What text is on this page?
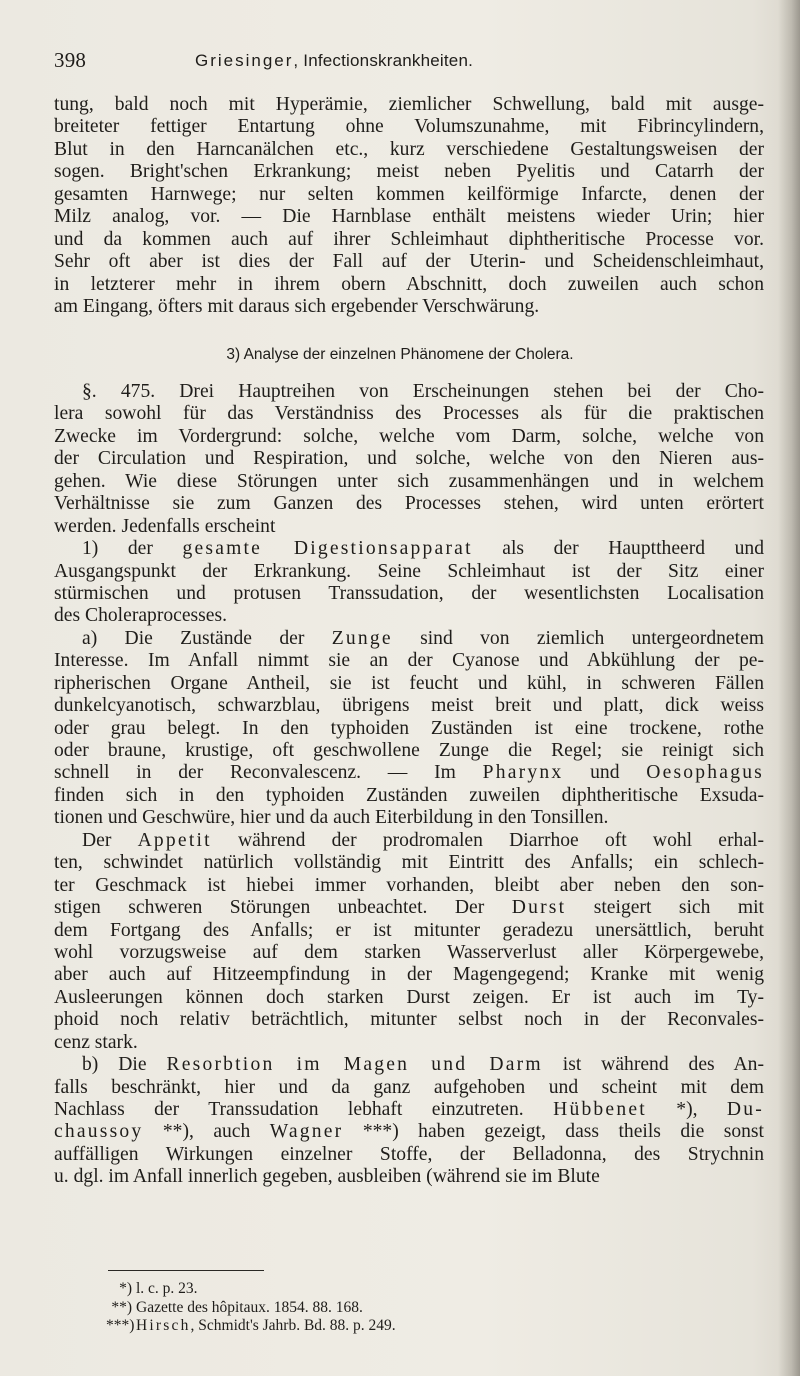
398	Griesinger, Infectionskrankheiten.
tung, bald noch mit Hyperämie, ziemlicher Schwellung, bald mit ausge-
breiteter fettiger Entartung ohne Volumszunahme, mit Fibrincylindern,
Blut in den Harncanälchen etc., kurz verschiedene Gestaltungsweisen der
sogen. Bright'schen Erkrankung; meist neben Pyelitis und Catarrh der
gesamten Harnwege; nur selten kommen keilförmige Infarcte, denen der
Milz analog, vor. — Die Harnblase enthält meistens wieder Urin; hier
und da kommen auch auf ihrer Schleimhaut diphtheritische Processe vor.
Sehr oft aber ist dies der Fall auf der Uterin- und Scheidenschleimhaut,
in letzterer mehr in ihrem obern Abschnitt, doch zuweilen auch schon
am Eingang, öfters mit daraus sich ergebender Verschwärung.
3) Analyse der einzelnen Phänomene der Cholera.
§. 475. Drei Hauptreihen von Erscheinungen stehen bei der Cho-
lera sowohl für das Verständniss des Processes als für die praktischen
Zwecke im Vordergrund: solche, welche vom Darm, solche, welche von
der Circulation und Respiration, und solche, welche von den Nieren aus-
gehen. Wie diese Störungen unter sich zusammenhängen und in welchem
Verhältnisse sie zum Ganzen des Processes stehen, wird unten erörtert
werden. Jedenfalls erscheint
1) der gesamte Digestionsapparat als der Haupttheerd und
Ausgangspunkt der Erkrankung. Seine Schleimhaut ist der Sitz einer
stürmischen und protusen Transsudation, der wesentlichsten Localisation
des Choleraprocesses.
a) Die Zustände der Zunge sind von ziemlich untergeordnetem
Interesse. Im Anfall nimmt sie an der Cyanose und Abkühlung der pe-
ripherischen Organe Antheil, sie ist feucht und kühl, in schweren Fällen
dunkelcyanotisch, schwarzblau, übrigens meist breit und platt, dick weiss
oder grau belegt. In den typhoiden Zuständen ist eine trockene, rothe
oder braune, krustige, oft geschwollene Zunge die Regel; sie reinigt sich
schnell in der Reconvalescenz. — Im Pharynx und Oesophagus
finden sich in den typhoiden Zuständen zuweilen diphtheritische Exsuda-
tionen und Geschwüre, hier und da auch Eiterbildung in den Tonsillen.
Der Appetit während der prodromalen Diarrhoe oft wohl erhal-
ten, schwindet natürlich vollständig mit Eintritt des Anfalls; ein schlech-
ter Geschmack ist hiebei immer vorhanden, bleibt aber neben den son-
stigen schweren Störungen unbeachtet. Der Durst steigert sich mit
dem Fortgang des Anfalls; er ist mitunter geradezu unersättlich, beruht
wohl vorzugsweise auf dem starken Wasserverlust aller Körpergewebe,
aber auch auf Hitzeempfindung in der Magengegend; Kranke mit wenig
Ausleerungen können doch starken Durst zeigen. Er ist auch im Ty-
phoid noch relativ beträchtlich, mitunter selbst noch in der Reconvales-
cenz stark.
b) Die Resorbtion im Magen und Darm ist während des An-
falls beschränkt, hier und da ganz aufgehoben und scheint mit dem
Nachlass der Transsudation lebhaft einzutreten. Hübbenet *), Du-
chaussoy **), auch Wagner ***) haben gezeigt, dass theils die sonst
auffälligen Wirkungen einzelner Stoffe, der Belladonna, des Strychnin
u. dgl. im Anfall innerlich gegeben, ausbleiben (während sie im Blute
*) l. c. p. 23.
**) Gazette des hôpitaux. 1854. 88. 168.
***) Hirsch, Schmidt's Jahrb. Bd. 88. p. 249.
